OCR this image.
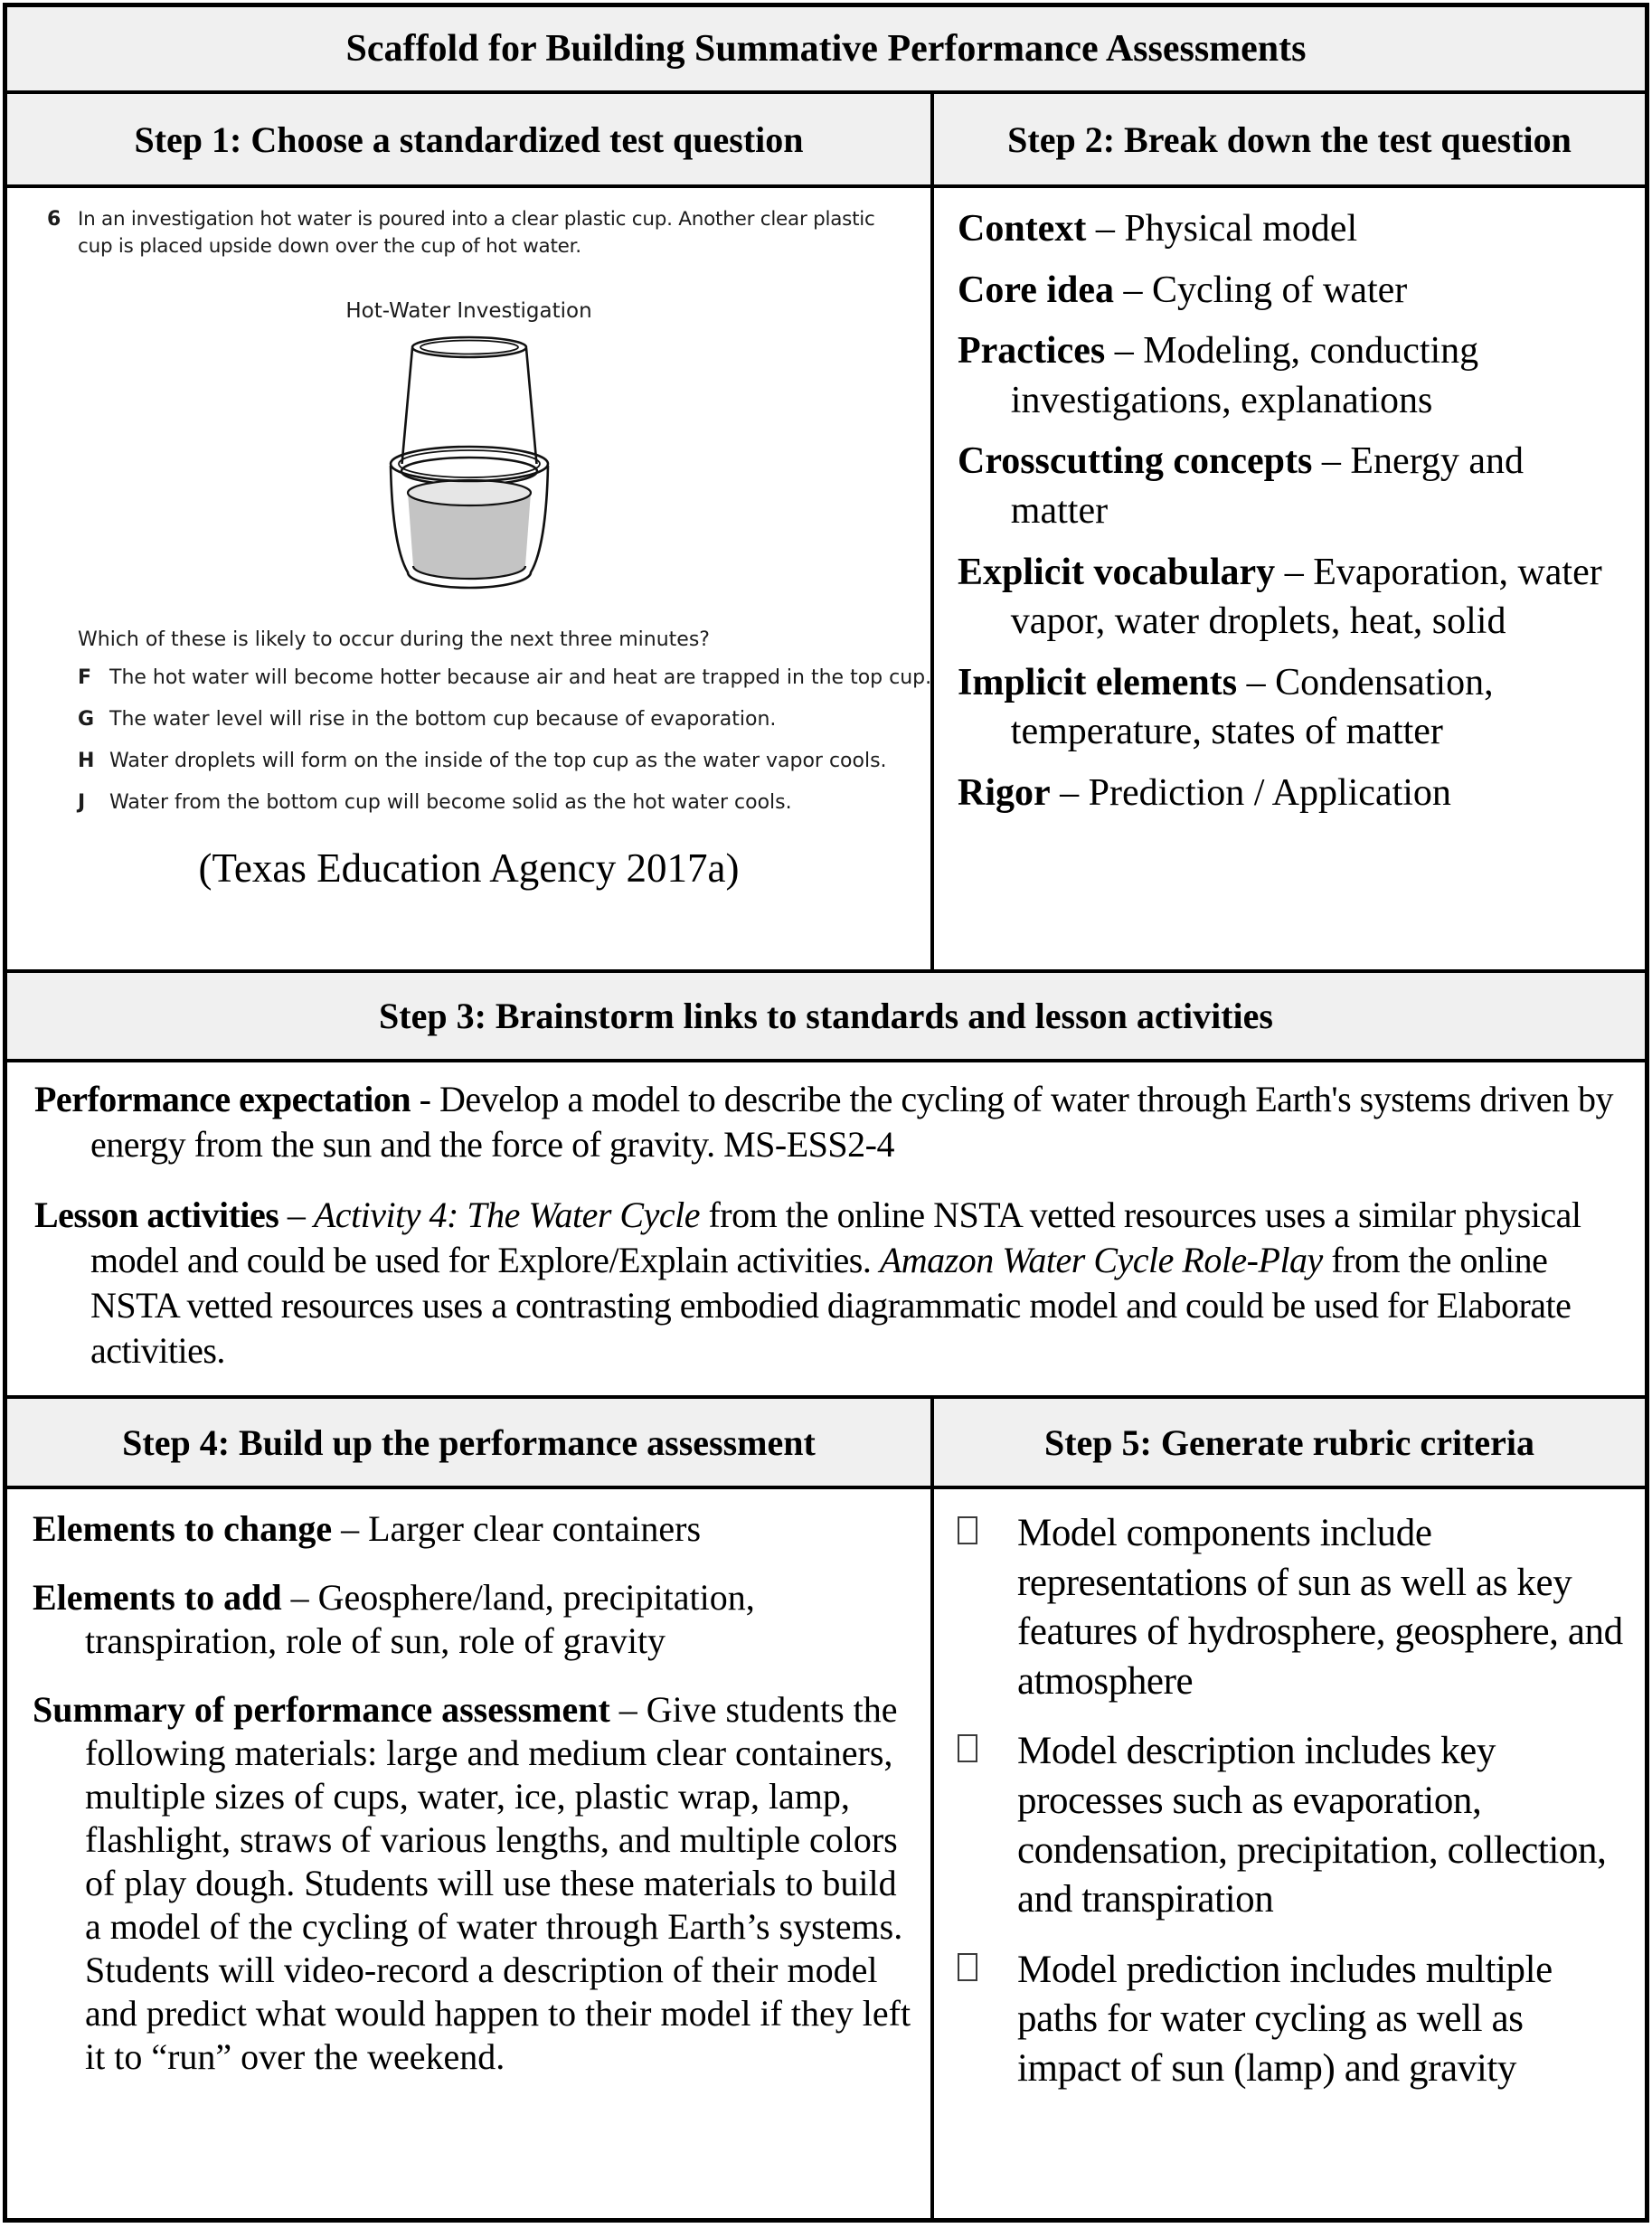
Scaffold for Building Summative Performance Assessments
Step 1: Choose a standardized test question	Step 2: Break down the test question
6 In an investigation hot water is poured into a clear plastic cup. Another clear plastic cup is placed upside down over the cup of hot water.
Hot-Water Investigation
Which of these is likely to occur during the next three minutes?
F The hot water will become hotter because air and heat are trapped in the top cup.
G The water level will rise in the bottom cup because of evaporation.
H Water droplets will form on the inside of the top cup as the water vapor cools.
J	Water from the bottom cup will become solid as the hot water cools.
(Texas Education Agency 2017a)

Context – Physical model

Core idea – Cycling of water

Practices – Modeling, conducting investigations, explanations

Crosscutting concepts – Energy and matter

Explicit vocabulary – Evaporation, water vapor, water droplets, heat, solid

Implicit elements – Condensation, temperature, states of matter

Rigor – Prediction / Application

Step 3: Brainstorm links to standards and lesson activities

Performance expectation - Develop a model to describe the cycling of water through Earth's systems driven by energy from the sun and the force of gravity. MS-ESS2-4

Lesson activities – Activity 4: The Water Cycle from the online NSTA vetted resources uses a similar physical model and could be used for Explore/Explain activities. Amazon Water Cycle Role-Play from the online NSTA vetted resources uses a contrasting embodied diagrammatic model and could be used for Elaborate activities.

Step 4: Build up the performance assessment	Step 5: Generate rubric criteria

Elements to change – Larger clear containers

Elements to add – Geosphere/land, precipitation, transpiration, role of sun, role of gravity

Summary of performance assessment – Give students the following materials: large and medium clear containers, multiple sizes of cups, water, ice, plastic wrap, lamp, flashlight, straws of various lengths, and multiple colors of play dough. Students will use these materials to build a model of the cycling of water through Earth’s systems. Students will video-record a description of their model and predict what would happen to their model if they left it to “run” over the weekend.

Model components include representations of sun as well as key features of hydrosphere, geosphere, and atmosphere
Model description includes key processes such as evaporation, condensation, precipitation, collection, and transpiration
Model prediction includes multiple paths for water cycling as well as impact of sun (lamp) and gravity
